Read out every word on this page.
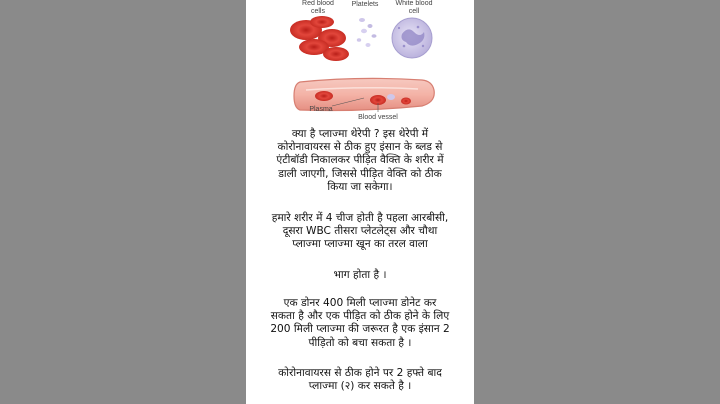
Red blood cells
Platelets	White blood cell
Plasma
Blood vessel

क्या है प्लाज्मा थेरेपी ? इस थेरेपी में
कोरोनावायरस से ठीक हुए इंसान के ब्लड से
एंटीबॉडी निकालकर पीड़ित वैक्ति के शरीर में
डाली जाएगी, जिससे पीड़ित वेक्ति को ठीक
किया जा सकेगा।

हमारे शरीर में 4 चीज होती है पहला आरबीसी,
दूसरा WBC तीसरा प्लेटलेट्स और चौथा
प्लाज्मा प्लाज्मा खून का तरल वाला

भाग होता है ।

एक डोनर 400 मिली प्लाज्मा डोनेट कर
सकता है और एक पीड़ित को ठीक होने के लिए
200 मिली प्लाज्मा की जरूरत है एक इंसान 2
पीड़ितो को बचा सकता है ।

कोरोनावायरस से ठीक होने पर 2 हफ्ते बाद
प्लाज्मा (२) कर सकते है ।
